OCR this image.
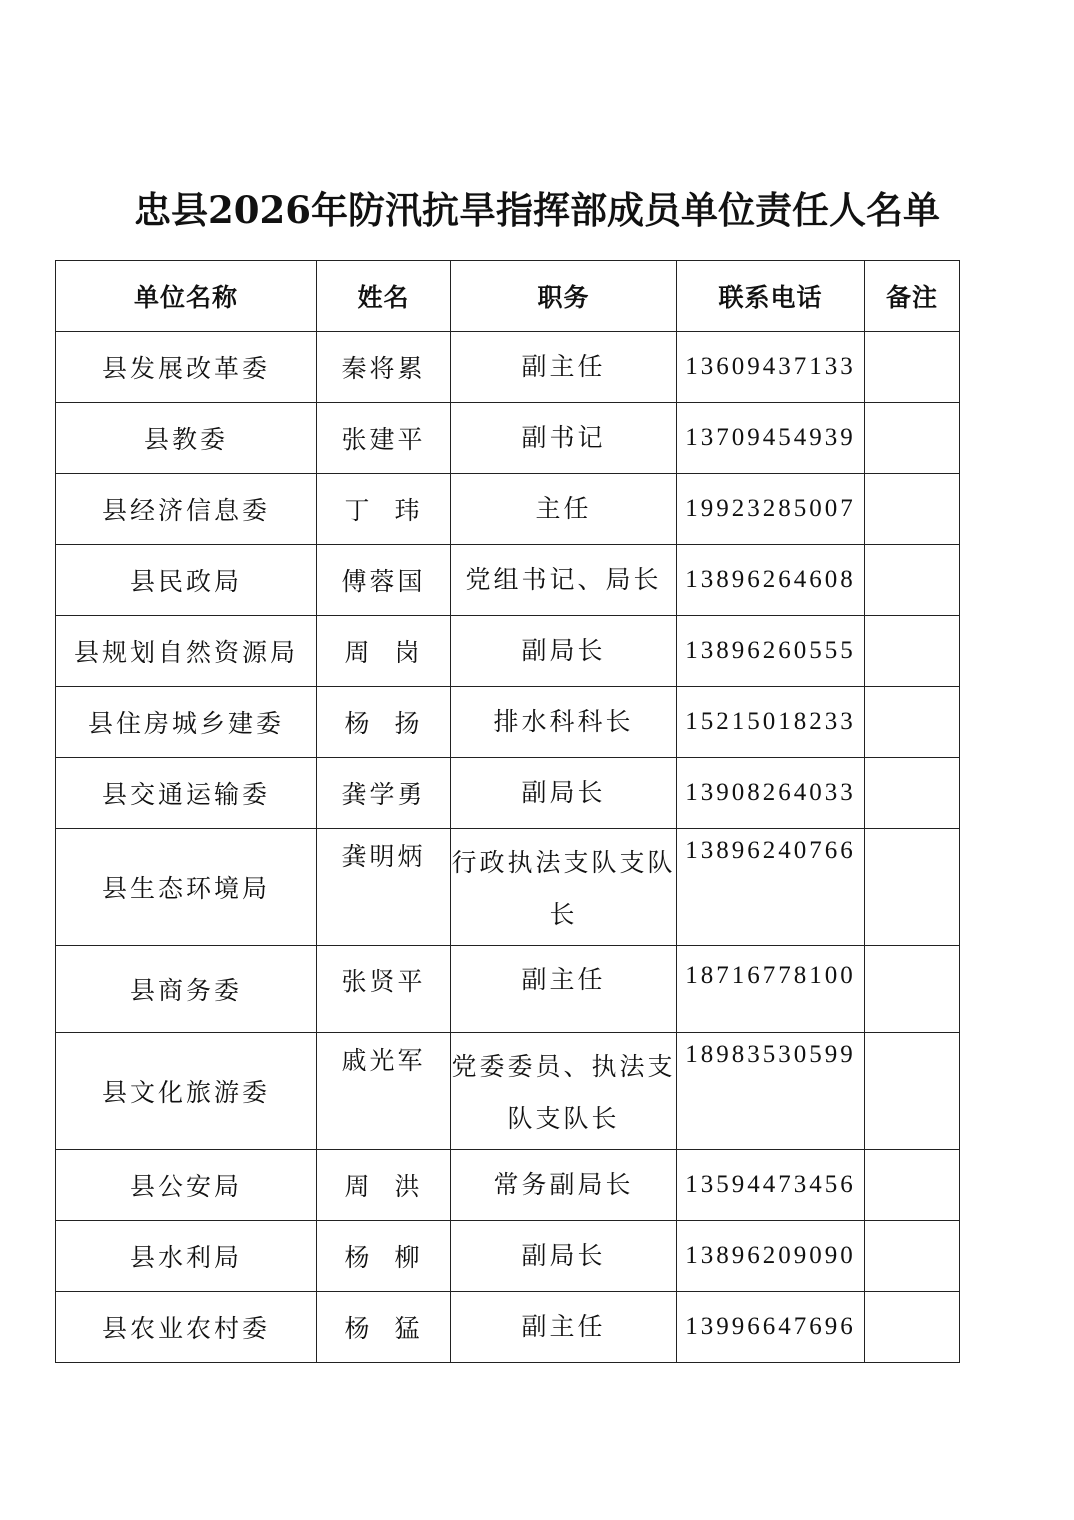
忠县2026年防汛抗旱指挥部成员单位责任人名单
单位名称	姓名	职务	联系电话	备注
县发展改革委	秦将累	副主任	13609437133	
县教委	张建平	副书记	13709454939	
县经济信息委	丁  玮	主任	19923285007	
县民政局	傅蓉国	党组书记、局长	13896264608	
县规划自然资源局	周  岗	副局长	13896260555	
县住房城乡建委	杨  扬	排水科科长	15215018233	
县交通运输委	龚学勇	副局长	13908264033	
县生态环境局	龚明炳	行政执法支队支队长	13896240766	
县商务委	张贤平	副主任	18716778100	
县文化旅游委	戚光军	党委委员、执法支队支队长	18983530599	
县公安局	周  洪	常务副局长	13594473456	
县水利局	杨  柳	副局长	13896209090	
县农业农村委	杨  猛	副主任	13996647696	
